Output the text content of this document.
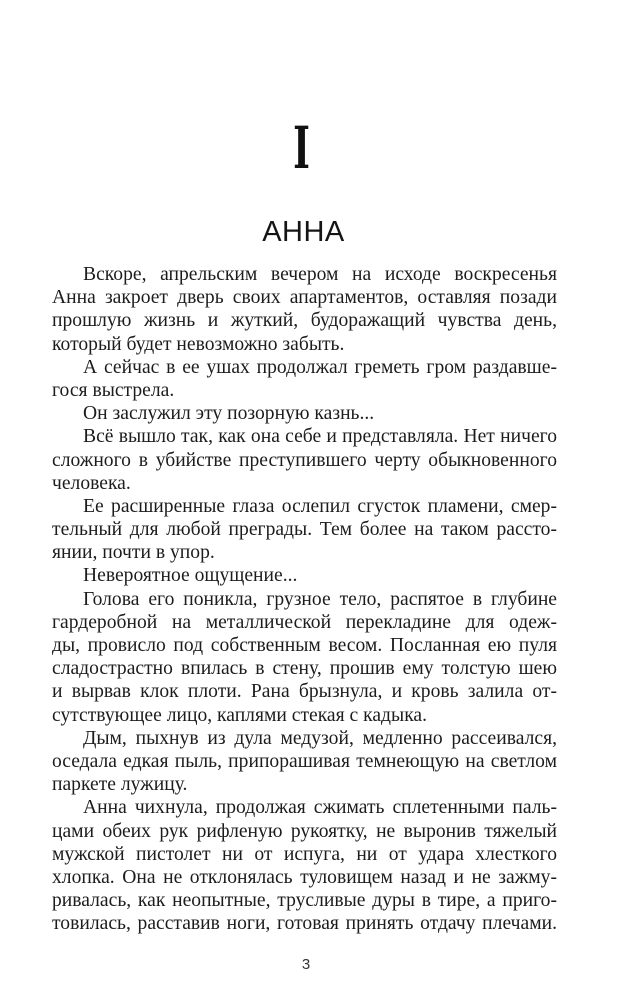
I
АННА
Вскоре, апрельским вечером на исходе воскресенья
Анна закроет дверь своих апартаментов, оставляя позади
прошлую жизнь и жуткий, будоражащий чувства день,
который будет невозможно забыть.
А сейчас в ее ушах продолжал греметь гром раздавше-
гося выстрела.
Он заслужил эту позорную казнь...
Всё вышло так, как она себе и представляла. Нет ничего
сложного в убийстве преступившего черту обыкновенного
человека.
Ее расширенные глаза ослепил сгусток пламени, смер-
тельный для любой преграды. Тем более на таком рассто-
янии, почти в упор.
Невероятное ощущение...
Голова его поникла, грузное тело, распятое в глубине
гардеробной на металлической перекладине для одеж-
ды, провисло под собственным весом. Посланная ею пуля
сладострастно впилась в стену, прошив ему толстую шею
и вырвав клок плоти. Рана брызнула, и кровь залила от-
сутствующее лицо, каплями стекая с кадыка.
Дым, пыхнув из дула медузой, медленно рассеивался,
оседала едкая пыль, припорашивая темнеющую на светлом
паркете лужицу.
Анна чихнула, продолжая сжимать сплетенными паль-
цами обеих рук рифленую рукоятку, не выронив тяжелый
мужской пистолет ни от испуга, ни от удара хлесткого
хлопка. Она не отклонялась туловищем назад и не зажму-
ривалась, как неопытные, трусливые дуры в тире, а приго-
товилась, расставив ноги, готовая принять отдачу плечами.
3
